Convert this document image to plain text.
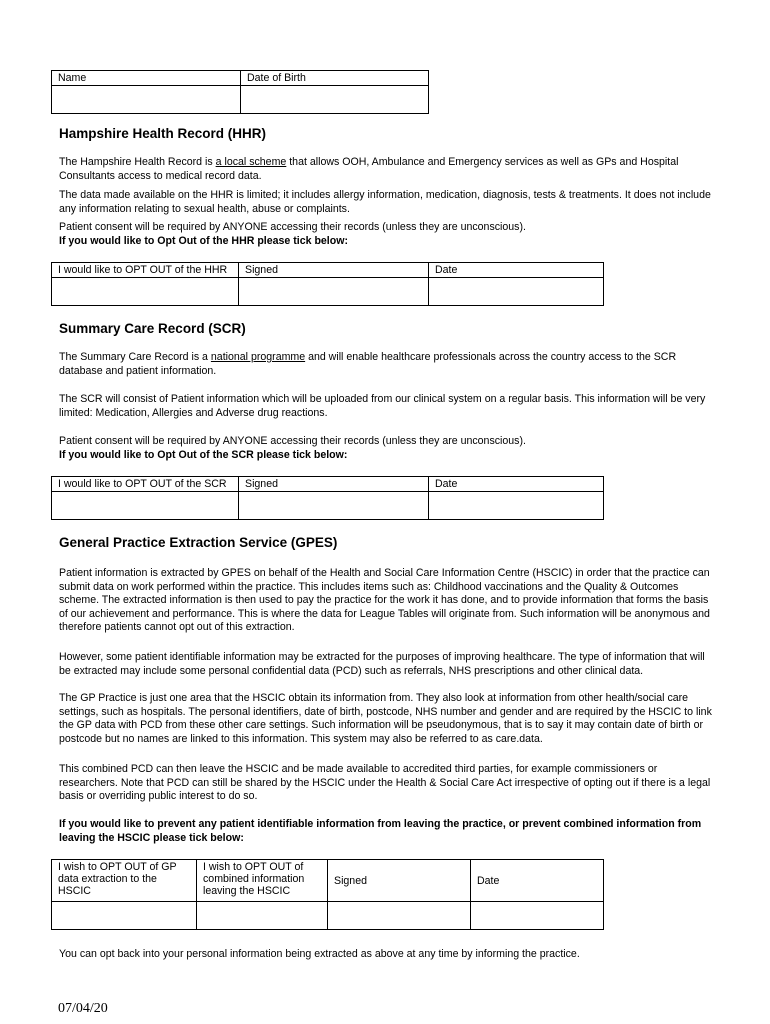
Name	Date of Birth

Hampshire Health Record (HHR)

The Hampshire Health Record is a local scheme that allows OOH, Ambulance and Emergency services as well as GPs and Hospital Consultants access to medical record data.

The data made available on the HHR is limited; it includes allergy information, medication, diagnosis, tests & treatments. It does not include any information relating to sexual health, abuse or complaints.

Patient consent will be required by ANYONE accessing their records (unless they are unconscious).

If you would like to Opt Out of the HHR please tick below:

I would like to OPT OUT of the HHR	Signed	Date

Summary Care Record (SCR)

The Summary Care Record is a national programme and will enable healthcare professionals across the country access to the SCR database and patient information.

The SCR will consist of Patient information which will be uploaded from our clinical system on a regular basis. This information will be very limited: Medication, Allergies and Adverse drug reactions.

Patient consent will be required by ANYONE accessing their records (unless they are unconscious).

If you would like to Opt Out of the SCR please tick below:

I would like to OPT OUT of the SCR	Signed	Date

General Practice Extraction Service (GPES)

Patient information is extracted by GPES on behalf of the Health and Social Care Information Centre (HSCIC) in order that the practice can submit data on work performed within the practice. This includes items such as: Childhood vaccinations and the Quality & Outcomes scheme. The extracted information is then used to pay the practice for the work it has done, and to provide information that forms the basis of our achievement and performance. This is where the data for League Tables will originate from. Such information will be anonymous and therefore patients cannot opt out of this extraction.

However, some patient identifiable information may be extracted for the purposes of improving healthcare. The type of information that will be extracted may include some personal confidential data (PCD) such as referrals, NHS prescriptions and other clinical data.

The GP Practice is just one area that the HSCIC obtain its information from. They also look at information from other health/social care settings, such as hospitals. The personal identifiers, date of birth, postcode, NHS number and gender and are required by the HSCIC to link the GP data with PCD from these other care settings. Such information will be pseudonymous, that is to say it may contain date of birth or postcode but no names are linked to this information. This system may also be referred to as care.data.

This combined PCD can then leave the HSCIC and be made available to accredited third parties, for example commissioners or researchers. Note that PCD can still be shared by the HSCIC under the Health & Social Care Act irrespective of opting out if there is a legal basis or overriding public interest to do so.

If you would like to prevent any patient identifiable information from leaving the practice, or prevent combined information from leaving the HSCIC please tick below:

I wish to OPT OUT of GP data extraction to the HSCIC	I wish to OPT OUT of combined information leaving the HSCIC	Signed	Date

You can opt back into your personal information being extracted as above at any time by informing the practice.

07/04/20
